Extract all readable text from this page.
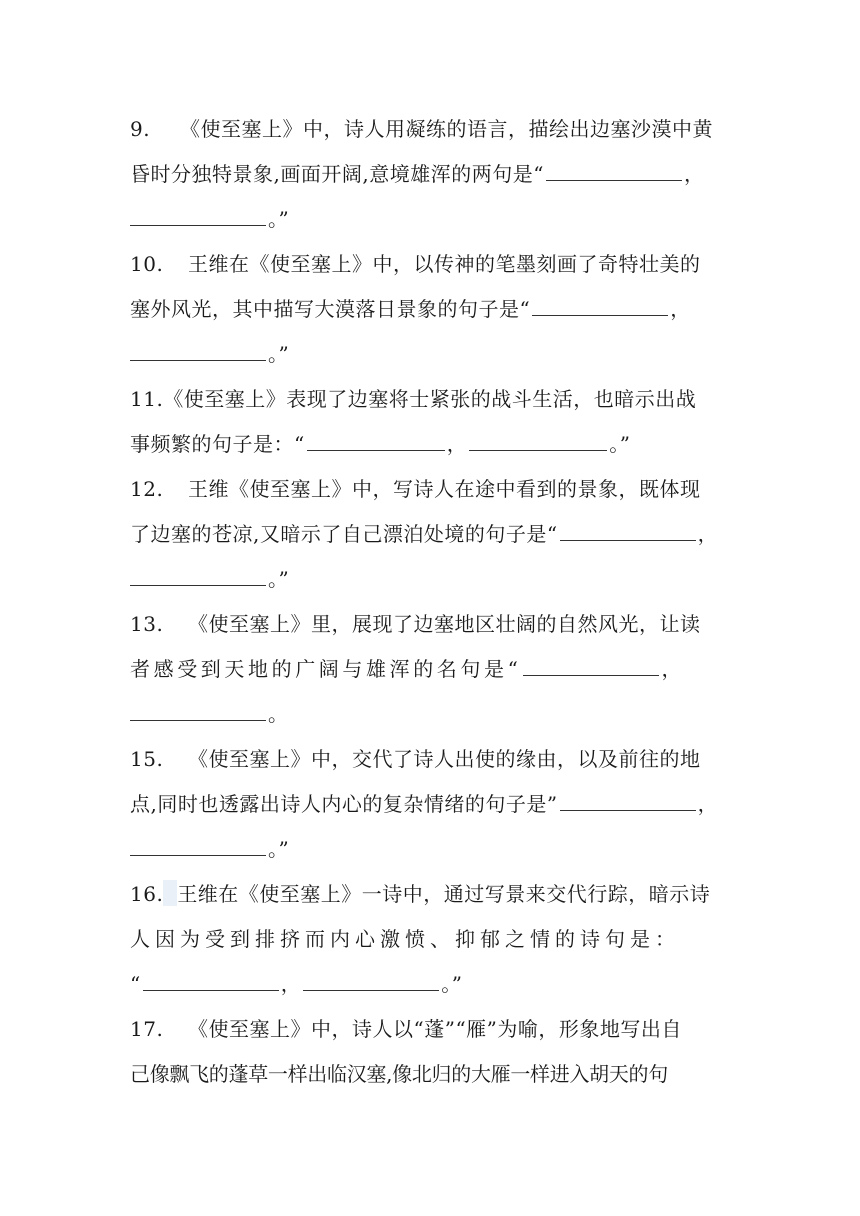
9. 《使至塞上》中，诗人用凝练的语言，描绘出边塞沙漠中黄
昏时分独特景象,画面开阔,意境雄浑的两句是“	，
。”
10. 王维在《使至塞上》中，以传神的笔墨刻画了奇特壮美的
塞外风光，其中描写大漠落日景象的句子是“	，
。”
11.《使至塞上》表现了边塞将士紧张的战斗生活，也暗示出战
事频繁的句子是：“	，	。”
12. 王维《使至塞上》中，写诗人在途中看到的景象，既体现
了边塞的苍凉,又暗示了自己漂泊处境的句子是“	，
。”
13. 《使至塞上》里，展现了边塞地区壮阔的自然风光，让读
者感受到天地的广阔与雄浑的名句是“	，
。
15. 《使至塞上》中，交代了诗人出使的缘由，以及前往的地
点,同时也透露出诗人内心的复杂情绪的句子是”	，
。”
16. 王维在《使至塞上》一诗中，通过写景来交代行踪，暗示诗
人因为受到排挤而内心激愤、抑郁之情的诗句是：
“	，	。”
17. 《使至塞上》中，诗人以“蓬”“雁”为喻，形象地写出自
己像飘飞的蓬草一样出临汉塞,像北归的大雁一样进入胡天的句
